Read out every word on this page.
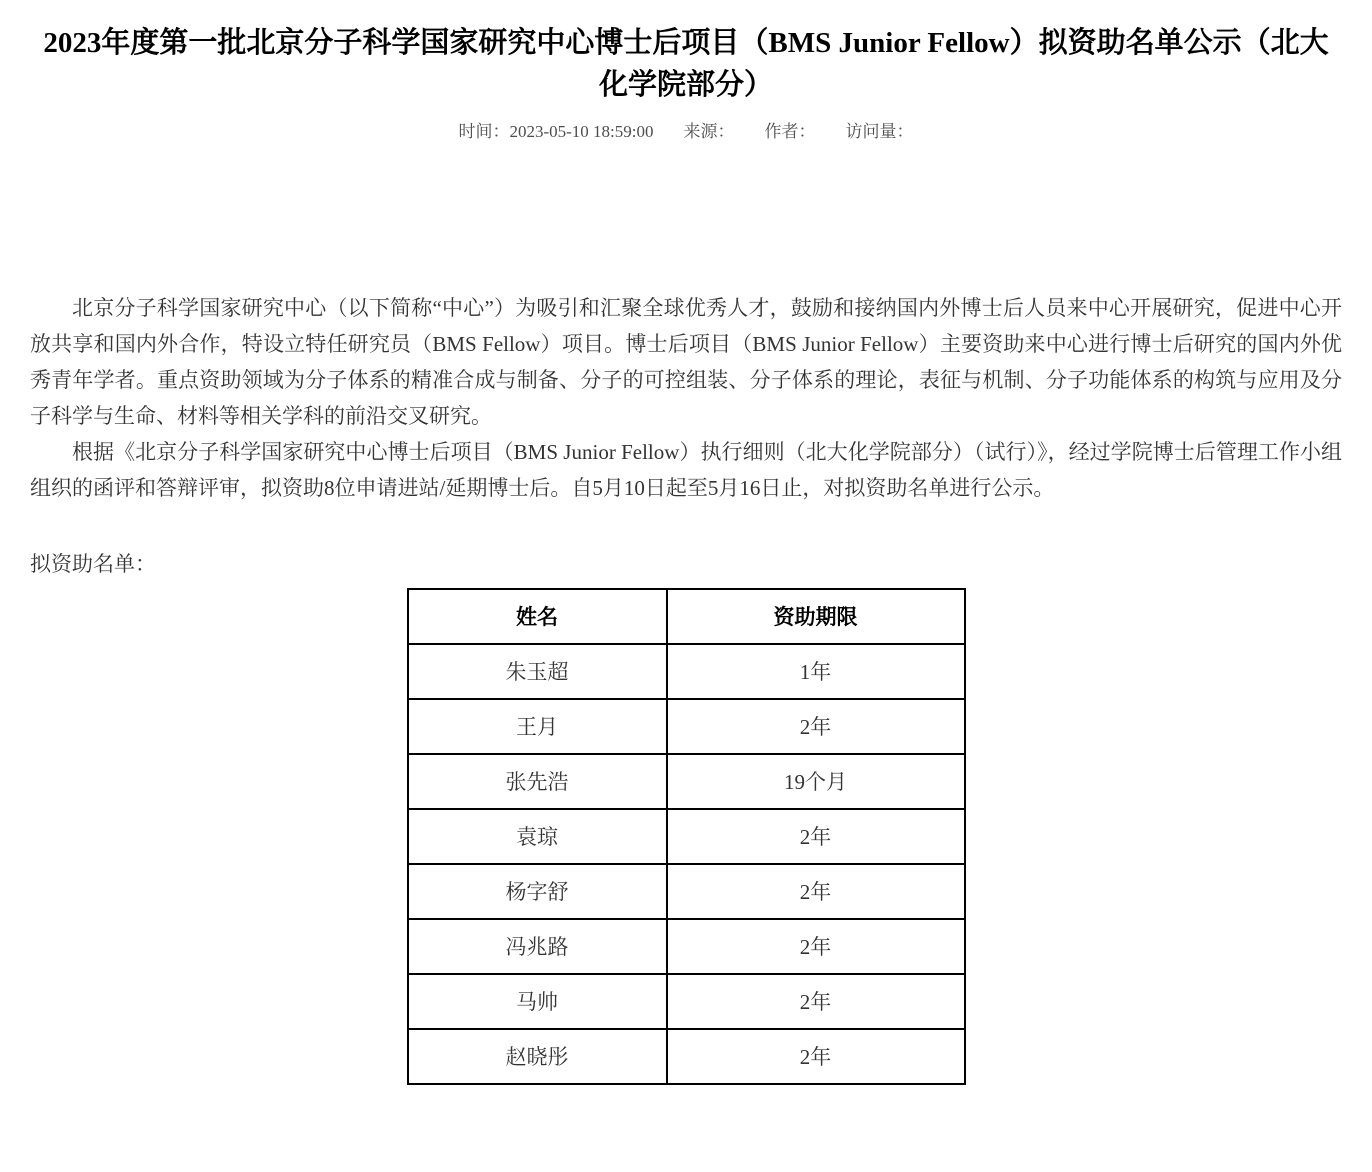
2023年度第一批北京分子科学国家研究中心博士后项目（BMS Junior Fellow）拟资助名单公示（北大化学院部分）
时间：2023-05-10 18:59:00 来源： 作者： 访问量：

北京分子科学国家研究中心（以下简称“中心”）为吸引和汇聚全球优秀人才，鼓励和接纳国内外博士后人员来中心开展研究，促进中心开放共享和国内外合作，特设立特任研究员（BMS Fellow）项目。博士后项目（BMS Junior Fellow）主要资助来中心进行博士后研究的国内外优秀青年学者。重点资助领域为分子体系的精准合成与制备、分子的可控组装、分子体系的理论，表征与机制、分子功能体系的构筑与应用及分子科学与生命、材料等相关学科的前沿交叉研究。

根据《北京分子科学国家研究中心博士后项目（BMS Junior Fellow）执行细则（北大化学院部分）（试行）》，经过学院博士后管理工作小组组织的函评和答辩评审，拟资助8位申请进站/延期博士后。自5月10日起至5月16日止，对拟资助名单进行公示。

拟资助名单：

姓名	资助期限
朱玉超	1年
王月	2年
张先浩	19个月
袁琼	2年
杨字舒	2年
冯兆路	2年
马帅	2年
赵晓彤	2年
